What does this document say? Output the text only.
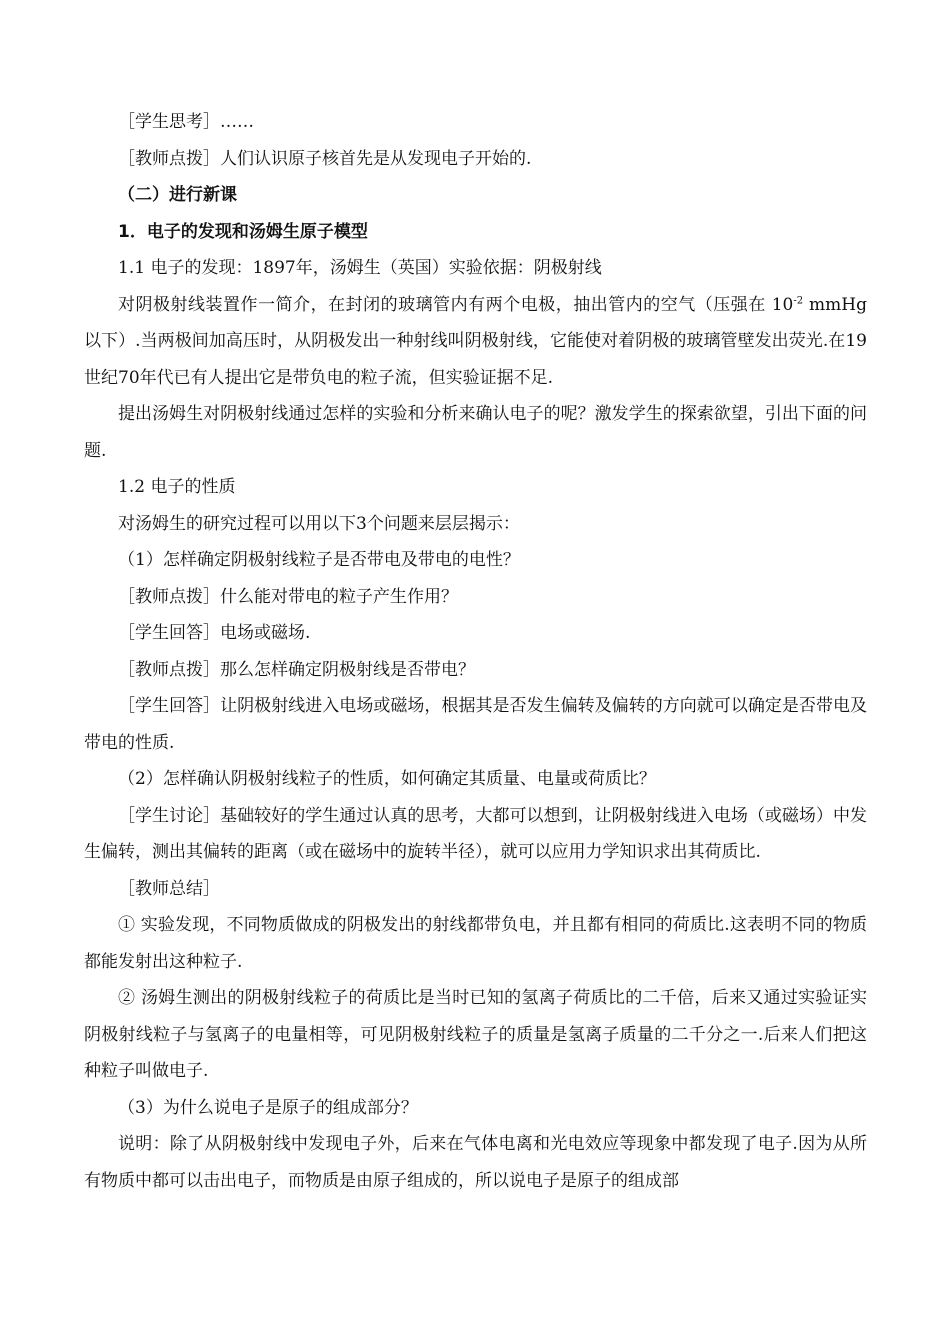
［学生思考］……

［教师点拨］人们认识原子核首先是从发现电子开始的.

（二）进行新课

1．电子的发现和汤姆生原子模型

1.1 电子的发现：1897年，汤姆生（英国）实验依据：阴极射线

对阴极射线装置作一简介，在封闭的玻璃管内有两个电极，抽出管内的空气（压强在 $10^{-2}$ mmHg 以下）.当两极间加高压时，从阴极发出一种射线叫阴极射线，它能使对着阴极的玻璃管壁发出荧光.在19世纪70年代已有人提出它是带负电的粒子流，但实验证据不足.

提出汤姆生对阴极射线通过怎样的实验和分析来确认电子的呢？激发学生的探索欲望，引出下面的问题.

1.2 电子的性质

对汤姆生的研究过程可以用以下3个问题来层层揭示：

（1）怎样确定阴极射线粒子是否带电及带电的电性？

［教师点拨］什么能对带电的粒子产生作用？

［学生回答］电场或磁场.

［教师点拨］那么怎样确定阴极射线是否带电？

［学生回答］让阴极射线进入电场或磁场，根据其是否发生偏转及偏转的方向就可以确定是否带电及带电的性质.

（2）怎样确认阴极射线粒子的性质，如何确定其质量、电量或荷质比？

［学生讨论］基础较好的学生通过认真的思考，大都可以想到，让阴极射线进入电场（或磁场）中发生偏转，测出其偏转的距离（或在磁场中的旋转半径），就可以应用力学知识求出其荷质比.

［教师总结］

① 实验发现，不同物质做成的阴极发出的射线都带负电，并且都有相同的荷质比.这表明不同的物质都能发射出这种粒子.

② 汤姆生测出的阴极射线粒子的荷质比是当时已知的氢离子荷质比的二千倍，后来又通过实验证实阴极射线粒子与氢离子的电量相等，可见阴极射线粒子的质量是氢离子质量的二千分之一.后来人们把这种粒子叫做电子.

（3）为什么说电子是原子的组成部分？

说明：除了从阴极射线中发现电子外，后来在气体电离和光电效应等现象中都发现了电子.因为从所有物质中都可以击出电子，而物质是由原子组成的，所以说电子是原子的组成部
